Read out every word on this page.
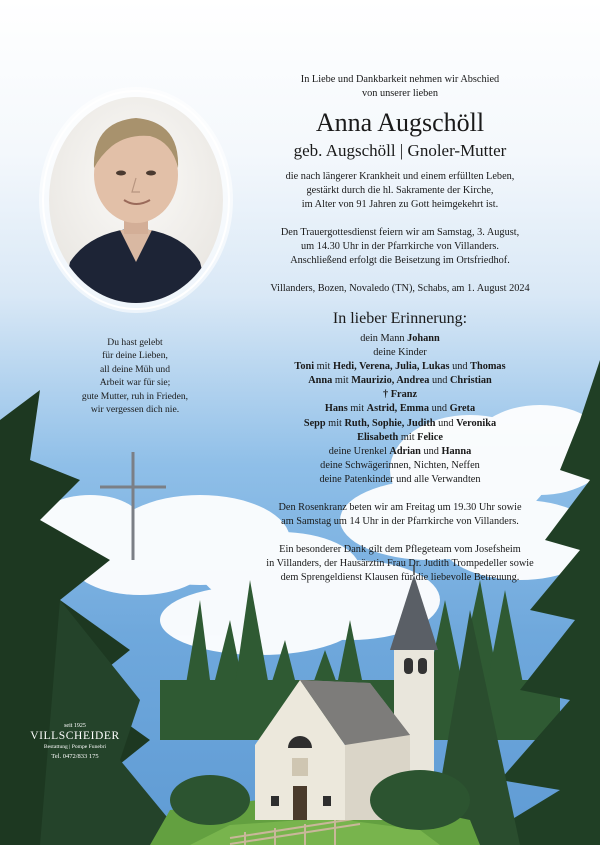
In Liebe und Dankbarkeit nehmen wir Abschied
von unserer lieben
Anna Augschöll
geb. Augschöll | Gnoler-Mutter
die nach längerer Krankheit und einem erfüllten Leben,
gestärkt durch die hl. Sakramente der Kirche,
im Alter von 91 Jahren zu Gott heimgekehrt ist.
Den Trauergottesdienst feiern wir am Samstag, 3. August,
um 14.30 Uhr in der Pfarrkirche von Villanders.
Anschließend erfolgt die Beisetzung im Ortsfriedhof.
Villanders, Bozen, Novaledo (TN), Schabs, am 1. August 2024
In lieber Erinnerung:
dein Mann Johann
deine Kinder
Toni mit Hedi, Verena, Julia, Lukas und Thomas
Anna mit Maurizio, Andrea und Christian
† Franz
Hans mit Astrid, Emma und Greta
Sepp mit Ruth, Sophie, Judith und Veronika
Elisabeth mit Felice
deine Urenkel Adrian und Hanna
deine Schwägerinnen, Nichten, Neffen
deine Patenkinder und alle Verwandten
Den Rosenkranz beten wir am Freitag um 19.30 Uhr sowie
am Samstag um 14 Uhr in der Pfarrkirche von Villanders.
Ein besonderer Dank gilt dem Pflegeteam vom Josefsheim
in Villanders, der Hausärztin Frau Dr. Judith Trompedeller sowie
dem Sprengeldienst Klausen für die liebevolle Betreuung.
Du hast gelebt
für deine Lieben,
all deine Müh und
Arbeit war für sie;
gute Mutter, ruh in Frieden,
wir vergessen dich nie.
seit 1925
VILLSCHEIDER
Bestattung | Pompe Funebri
Tel. 0472/833 175
